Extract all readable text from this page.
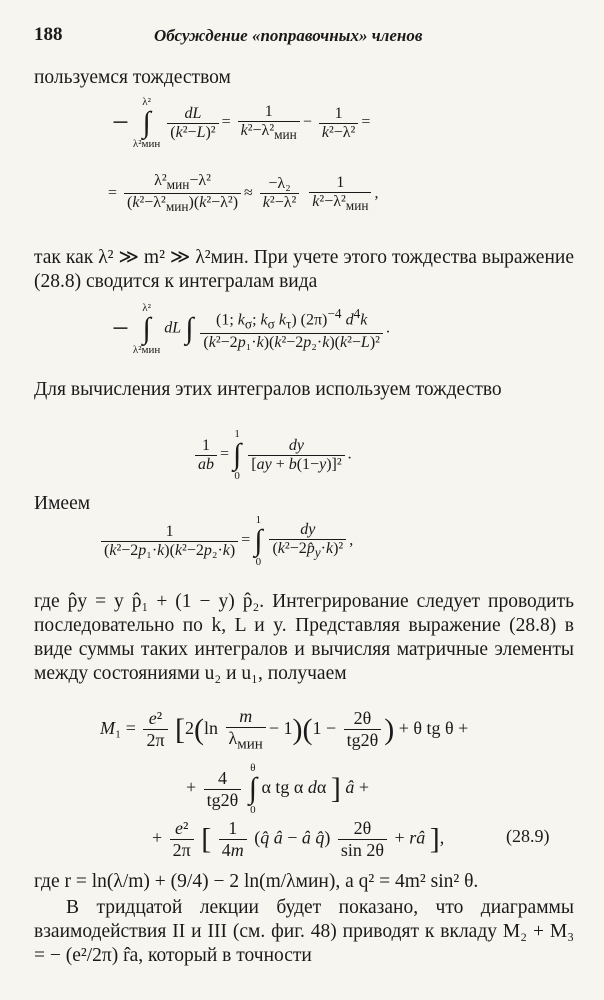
188	Обсуждение «поправочных» членов
пользуемся тождеством
− λ²
∫
λ²мин
$\frac{dL}{\text{(k²−L)²}} = \frac{1}{k^2-\lambda^2_{мин}} - \frac{1}{\text{k²−λ²}}$ =
= $\frac{\lambda^2_{мин}-\lambda^2}{(k^2-\lambda^2_{мин})(k^2-\lambda^2)} \approx \frac{\text{−λ₂}}{\text{k²−λ²}}$
$\frac{1}{k^2-\lambda^2_{мин}}$ ,
так как λ² ≫ m² ≫ λ²мин. При учете этого тождества выражение (28.8) сводится к интегралам вида
− λ²
∫
λ²мин dL ∫ $\frac{(1; k_\sigma; k_\sigma k_\tau) (2\pi)^{-4} d^4k}{\text{(k²−2p₁·k)(k²−2p₂·k)(k²−L)²}}$ .
Для вычисления этих интегралов используем тождество
$\frac{1}{ab} = 1$
∫
0
$\frac{dy}{\text{[ay + b(1−y)]²}}$ .
Имеем
$\frac{1}{\text{(k²−2p₁·k)(k²−2p₂·k)}} = 1$
∫
0
$\frac{dy}{(k^2-2p̂_y\cdot k)^2}$ ,
где p̂y = y p̂₁ + (1 − y) p̂₂. Интегрирование следует проводить последовательно по k, L и y. Представляя выражение (28.8) в виде суммы таких интегралов и вычисляя матричные элементы между состояниями u₂ и u₁, получаем
$M_1 = \frac{\text{e²}}{2\pi} [2(\ln \frac{m}{\lambda_{мин}} - 1)(1 - \frac{2\theta}{tg2\theta}$ ) + θ tg θ +
+ $\frac{4}{tg2\theta}$ θ
∫
0 α tg α dα ] â +
+ $\frac{\text{e²}}{2\pi}$ [ $\frac{1}{4m}$ (q̂ â − â q̂) $\frac{2\theta}{\sin 2\theta}$ + râ ],	(28.9)
где r = ln(λ/m) + (9/4) − 2 ln(m/λмин), а q² = 4m² sin² θ.
В тридцатой лекции будет показано, что диаграммы взаимодействия II и III (см. фиг. 48) приводят к вкладу M₂ + M₃ = − (e²/2π) r̂a, который в точности
